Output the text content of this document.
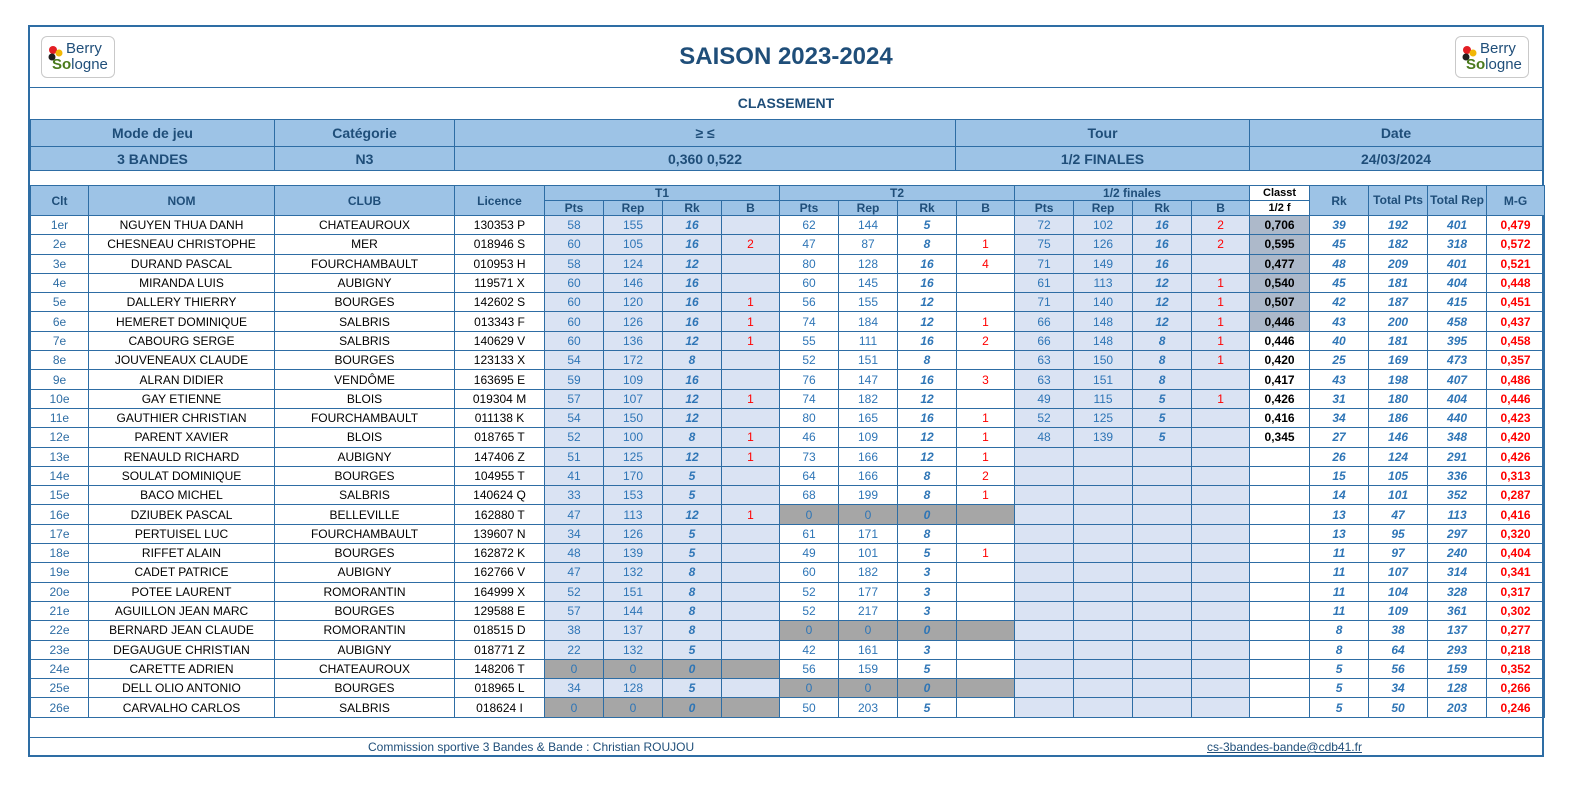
Berry
Sologne	SAISON 2023-2024	Berry
Sologne
CLASSEMENT
Mode de jeu	Catégorie	≥ ≤	Tour	Date
3 BANDES	N3	0,360 0,522	1/2 FINALES	24/03/2024
Clt	NOM	CLUB	Licence	T1				T2				1/2 finales				Classt	Rk	Total Pts	Total Rep	M-G
				Pts	Rep	Rk	B	Pts	Rep	Rk	B	Pts	Rep	Rk	B	1/2 f				
1er	NGUYEN THUA DANH	CHATEAUROUX	130353 P	58	155	16		62	144	5		72	102	16	2	0,706	39	192	401	0,479
2e	CHESNEAU CHRISTOPHE	MER	018946 S	60	105	16	2	47	87	8	1	75	126	16	2	0,595	45	182	318	0,572
3e	DURAND PASCAL	FOURCHAMBAULT	010953 H	58	124	12		80	128	16	4	71	149	16		0,477	48	209	401	0,521
4e	MIRANDA LUIS	AUBIGNY	119571 X	60	146	16		60	145	16		61	113	12	1	0,540	45	181	404	0,448
5e	DALLERY THIERRY	BOURGES	142602 S	60	120	16	1	56	155	12		71	140	12	1	0,507	42	187	415	0,451
6e	HEMERET DOMINIQUE	SALBRIS	013343 F	60	126	16	1	74	184	12	1	66	148	12	1	0,446	43	200	458	0,437
7e	CABOURG SERGE	SALBRIS	140629 V	60	136	12	1	55	111	16	2	66	148	8	1	0,446	40	181	395	0,458
8e	JOUVENEAUX CLAUDE	BOURGES	123133 X	54	172	8		52	151	8		63	150	8	1	0,420	25	169	473	0,357
9e	ALRAN DIDIER	VENDÔME	163695 E	59	109	16		76	147	16	3	63	151	8		0,417	43	198	407	0,486
10e	GAY ETIENNE	BLOIS	019304 M	57	107	12	1	74	182	12		49	115	5	1	0,426	31	180	404	0,446
11e	GAUTHIER CHRISTIAN	FOURCHAMBAULT	011138 K	54	150	12		80	165	16	1	52	125	5		0,416	34	186	440	0,423
12e	PARENT XAVIER	BLOIS	018765 T	52	100	8	1	46	109	12	1	48	139	5		0,345	27	146	348	0,420
13e	RENAULD RICHARD	AUBIGNY	147406 Z	51	125	12	1	73	166	12	1						26	124	291	0,426
14e	SOULAT DOMINIQUE	BOURGES	104955 T	41	170	5		64	166	8	2						15	105	336	0,313
15e	BACO MICHEL	SALBRIS	140624 Q	33	153	5		68	199	8	1						14	101	352	0,287
16e	DZIUBEK PASCAL	BELLEVILLE	162880 T	47	113	12	1	0	0	0							13	47	113	0,416
17e	PERTUISEL LUC	FOURCHAMBAULT	139607 N	34	126	5		61	171	8							13	95	297	0,320
18e	RIFFET ALAIN	BOURGES	162872 K	48	139	5		49	101	5	1						11	97	240	0,404
19e	CADET PATRICE	AUBIGNY	162766 V	47	132	8		60	182	3							11	107	314	0,341
20e	POTEE LAURENT	ROMORANTIN	164999 X	52	151	8		52	177	3							11	104	328	0,317
21e	AGUILLON JEAN MARC	BOURGES	129588 E	57	144	8		52	217	3							11	109	361	0,302
22e	BERNARD JEAN CLAUDE	ROMORANTIN	018515 D	38	137	8		0	0	0							8	38	137	0,277
23e	DEGAUGUE CHRISTIAN	AUBIGNY	018771 Z	22	132	5		42	161	3							8	64	293	0,218
24e	CARETTE ADRIEN	CHATEAUROUX	148206 T	0	0	0		56	159	5							5	56	159	0,352
25e	DELL OLIO ANTONIO	BOURGES	018965 L	34	128	5		0	0	0							5	34	128	0,266
26e	CARVALHO CARLOS	SALBRIS	018624 I	0	0	0		50	203	5							5	50	203	0,246
Commission sportive 3 Bandes & Bande : Christian ROUJOU	cs-3bandes-bande@cdb41.fr
